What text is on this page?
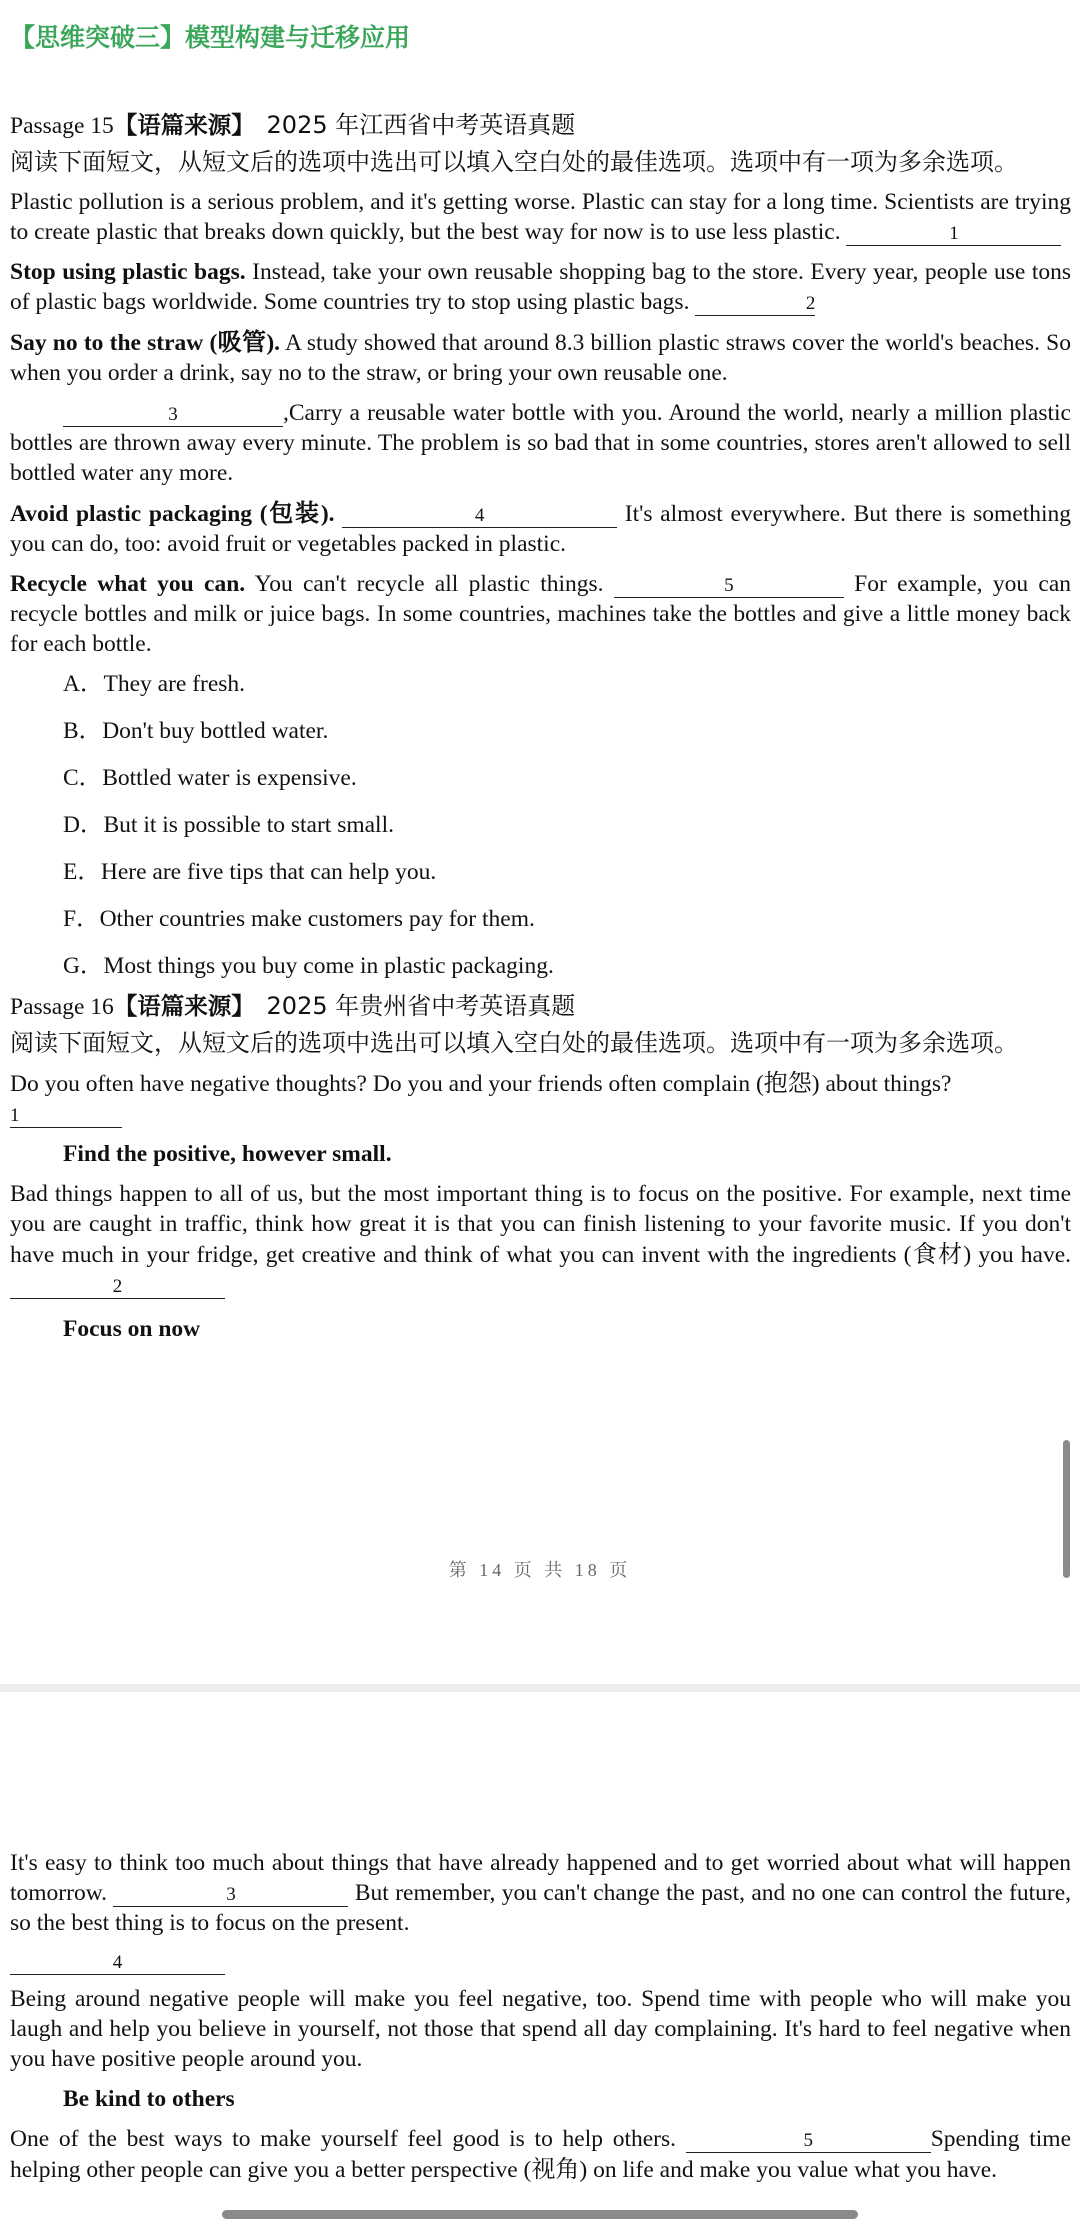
【思维突破三】模型构建与迁移应用

Passage 15【语篇来源】 2025 年江西省中考英语真题

阅读下面短文，从短文后的选项中选出可以填入空白处的最佳选项。选项中有一项为多余选项。

Plastic pollution is a serious problem, and it's getting worse. Plastic can stay for a long time. Scientists are trying to create plastic that breaks down quickly, but the best way for now is to use less plastic.	1

Stop using plastic bags. Instead, take your own reusable shopping bag to the store. Every year, people use tons of plastic bags worldwide. Some countries try to stop using plastic bags.	2

Say no to the straw (吸管). A study showed that around 8.3 billion plastic straws cover the world's beaches. So when you order a drink, say no to the straw, or bring your own reusable one.

3	,Carry a reusable water bottle with you. Around the world, nearly a million plastic bottles are thrown away every minute. The problem is so bad that in some countries, stores aren't allowed to sell bottled water any more.

Avoid plastic packaging (包装).	4	It's almost everywhere. But there is something you can do, too: avoid fruit or vegetables packed in plastic.

Recycle what you can. You can't recycle all plastic things.	5	For example, you can recycle bottles and milk or juice bags. In some countries, machines take the bottles and give a little money back for each bottle.

A．They are fresh.

B．Don't buy bottled water.

C．Bottled water is expensive.

D．But it is possible to start small.

E．Here are five tips that can help you.

F．Other countries make customers pay for them.

G．Most things you buy come in plastic packaging.

Passage 16【语篇来源】 2025 年贵州省中考英语真题

阅读下面短文，从短文后的选项中选出可以填入空白处的最佳选项。选项中有一项为多余选项。

Do you often have negative thoughts? Do you and your friends often complain (抱怨) about things?
1

Find the positive, however small.

Bad things happen to all of us, but the most important thing is to focus on the positive. For example, next time you are caught in traffic, think how great it is that you can finish listening to your favorite music. If you don't have much in your fridge, get creative and think of what you can invent with the ingredients (食材) you have. 2

Focus on now

第 14 页 共 18 页

It's easy to think too much about things that have already happened and to get worried about what will happen tomorrow.	3	But remember, you can't change the past, and no one can control the future, so the best thing is to focus on the present.

4

Being around negative people will make you feel negative, too. Spend time with people who will make you laugh and help you believe in yourself, not those that spend all day complaining. It's hard to feel negative when you have positive people around you.

Be kind to others

One of the best ways to make yourself feel good is to help others.	5	Spending time helping other people can give you a better perspective (视角) on life and make you value what you have.
